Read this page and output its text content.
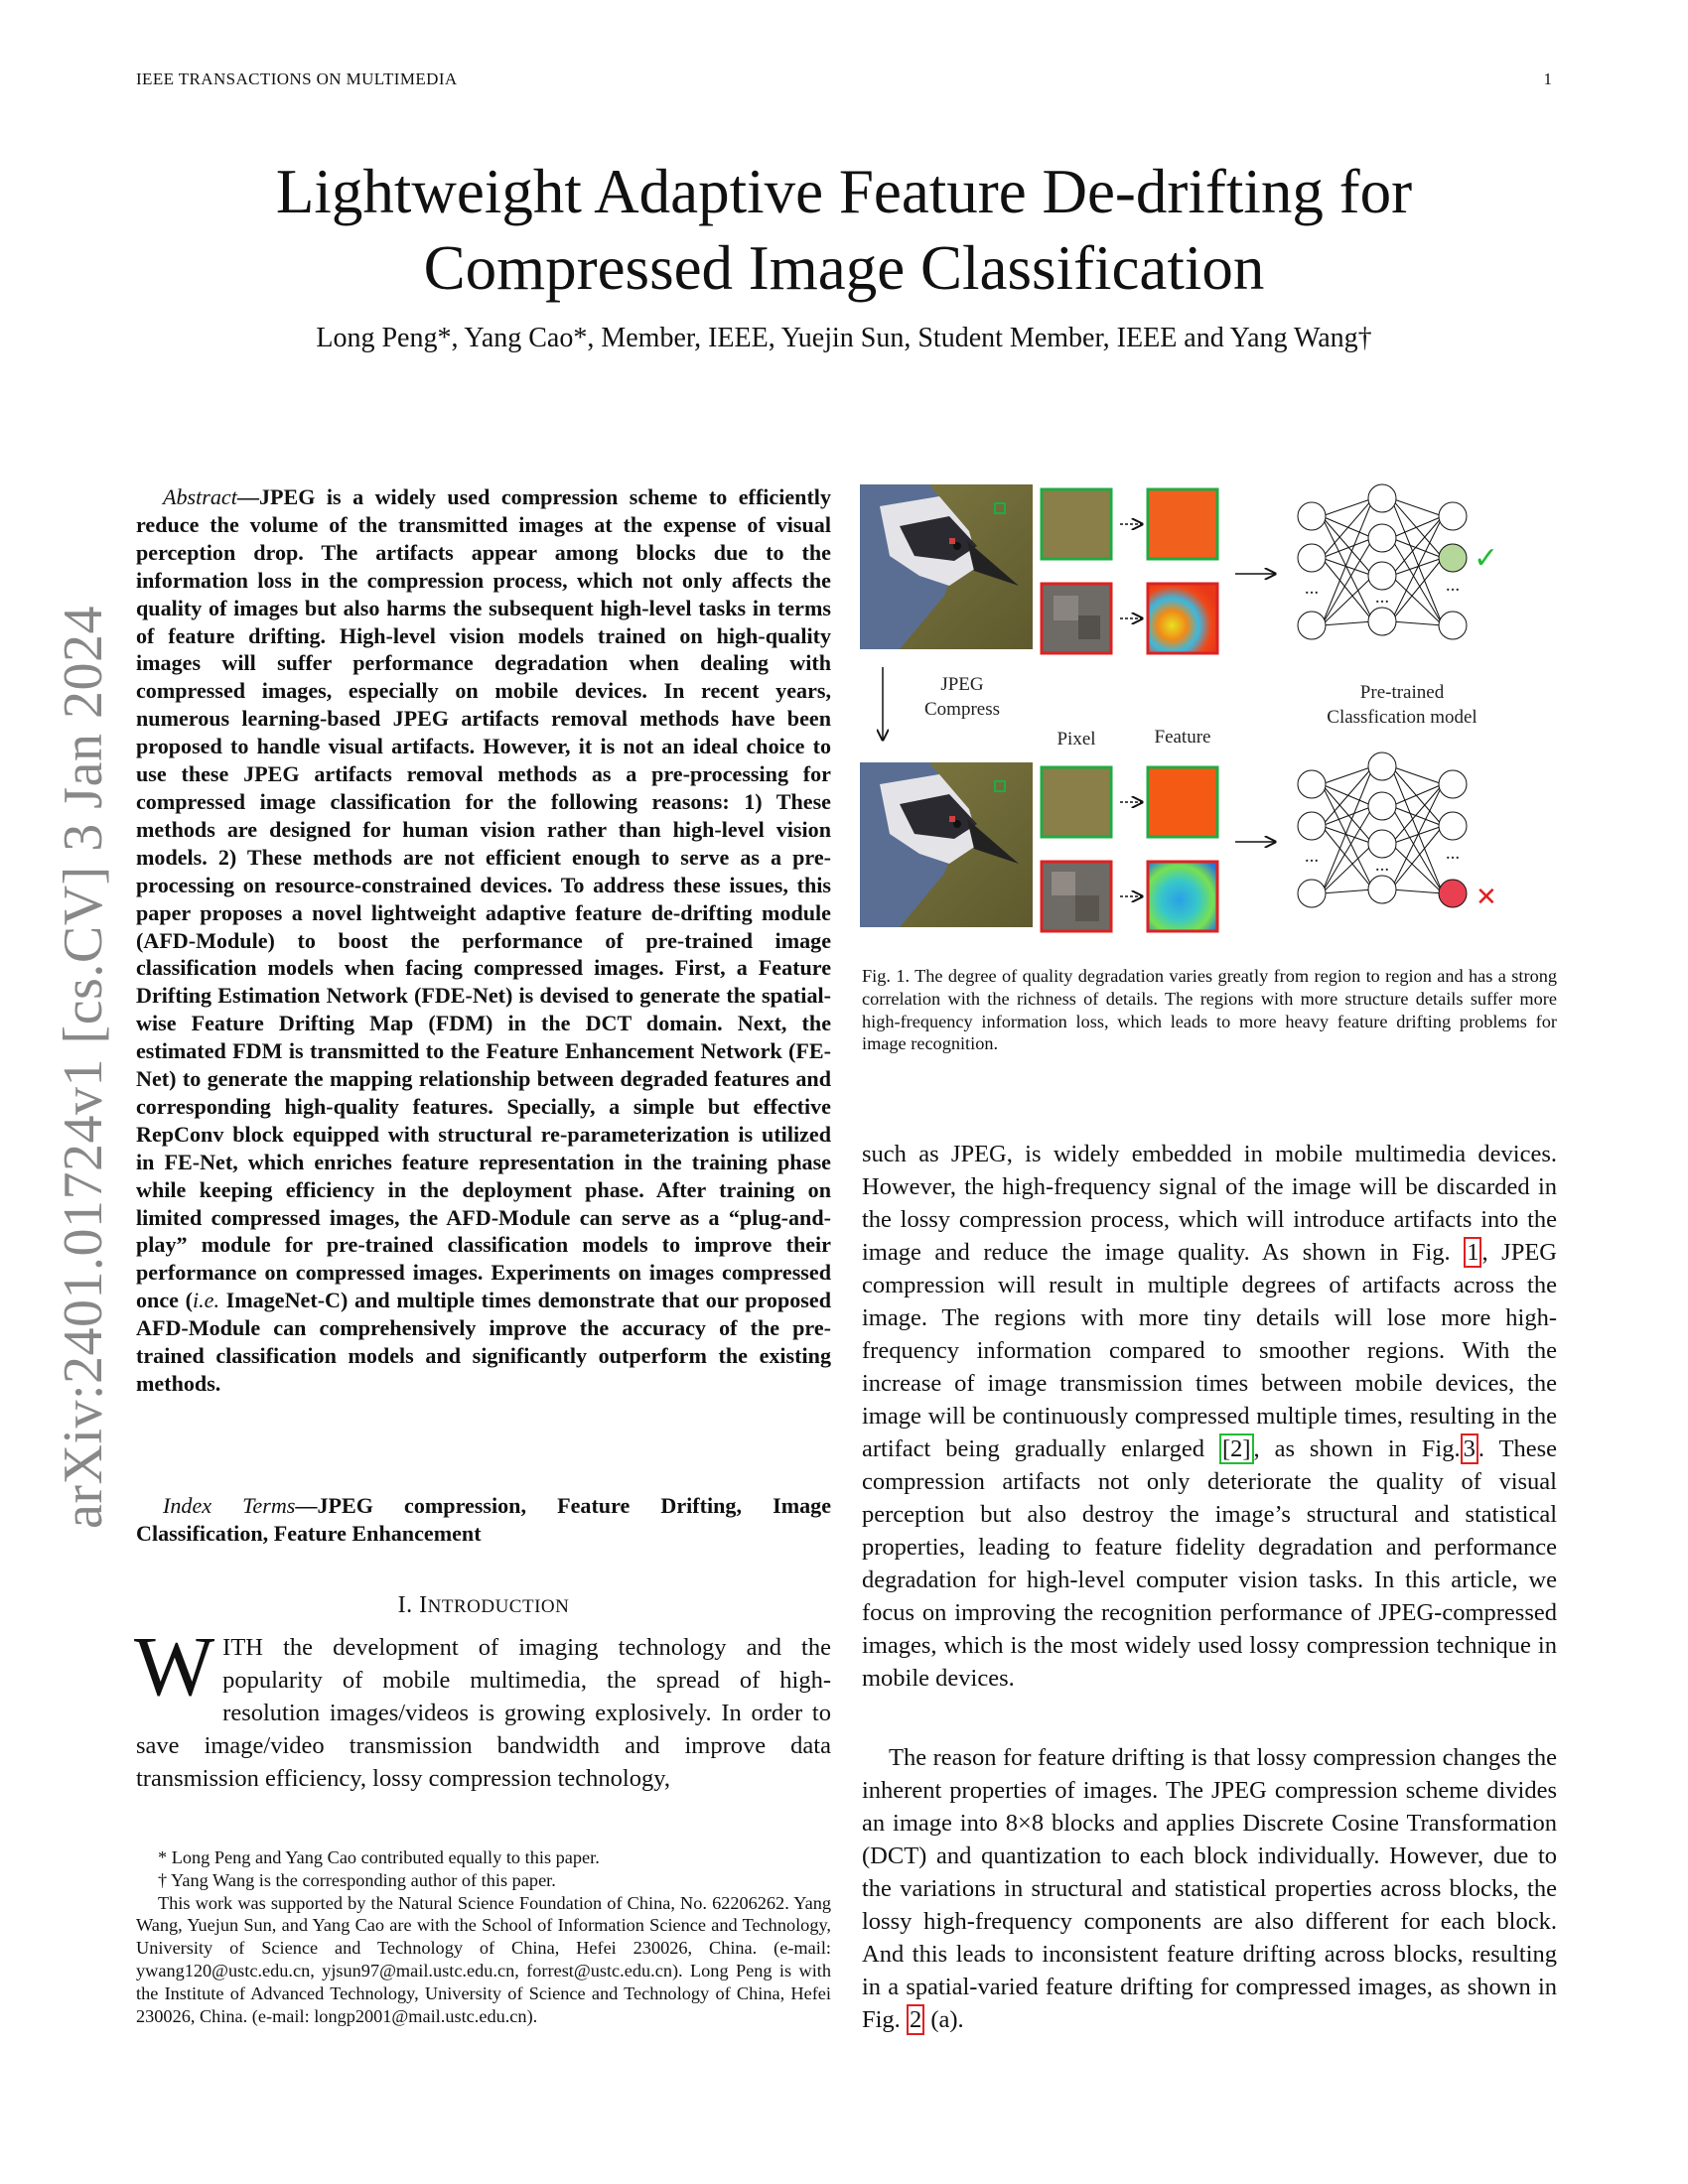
IEEE TRANSACTIONS ON MULTIMEDIA	1
Lightweight Adaptive Feature De-drifting for
Compressed Image Classification
Long Peng*, Yang Cao*, Member, IEEE, Yuejin Sun, Student Member, IEEE and Yang Wang†
arXiv:2401.01724v1 [cs.CV] 3 Jan 2024

Abstract—JPEG is a widely used compression scheme to efficiently reduce the volume of the transmitted images at the expense of visual perception drop. The artifacts appear among blocks due to the information loss in the compression process, which not only affects the quality of images but also harms the subsequent high-level tasks in terms of feature drifting. High-level vision models trained on high-quality images will suffer performance degradation when dealing with compressed images, especially on mobile devices. In recent years, numerous learning-based JPEG artifacts removal methods have been proposed to handle visual artifacts. However, it is not an ideal choice to use these JPEG artifacts removal methods as a pre-processing for compressed image classification for the following reasons: 1) These methods are designed for human vision rather than high-level vision models. 2) These methods are not efficient enough to serve as a pre-processing on resource-constrained devices. To address these issues, this paper proposes a novel lightweight adaptive feature de-drifting module (AFD-Module) to boost the performance of pre-trained image classification models when facing compressed images. First, a Feature Drifting Estimation Network (FDE-Net) is devised to generate the spatial-wise Feature Drifting Map (FDM) in the DCT domain. Next, the estimated FDM is transmitted to the Feature Enhancement Network (FE-Net) to generate the mapping relationship between degraded features and corresponding high-quality features. Specially, a simple but effective RepConv block equipped with structural re-parameterization is utilized in FE-Net, which enriches feature representation in the training phase while keeping efficiency in the deployment phase. After training on limited compressed images, the AFD-Module can serve as a “plug-and-play” module for pre-trained classification models to improve their performance on compressed images. Experiments on images compressed once (i.e. ImageNet-C) and multiple times demonstrate that our proposed AFD-Module can comprehensively improve the accuracy of the pre-trained classification models and significantly outperform the existing methods.

Index Terms—JPEG compression, Feature Drifting, Image Classification, Feature Enhancement

I. INTRODUCTION

WITH the development of imaging technology and the popularity of mobile multimedia, the spread of high-resolution images/videos is growing explosively. In order to save image/video transmission bandwidth and improve data transmission efficiency, lossy compression technology,

* Long Peng and Yang Cao contributed equally to this paper.

† Yang Wang is the corresponding author of this paper.

This work was supported by the Natural Science Foundation of China, No. 62206262. Yang Wang, Yuejun Sun, and Yang Cao are with the School of Information Science and Technology, University of Science and Technology of China, Hefei 230026, China. (e-mail: ywang120@ustc.edu.cn, yjsun97@mail.ustc.edu.cn, forrest@ustc.edu.cn). Long Peng is with the Institute of Advanced Technology, University of Science and Technology of China, Hefei 230026, China. (e-mail: longp2001@mail.ustc.edu.cn).

JPEG
Compress
Pixel	Feature
Pre-trained
Classfication model
...	...
...
✓
...	...
...
✕

Fig. 1. The degree of quality degradation varies greatly from region to region and has a strong correlation with the richness of details. The regions with more structure details suffer more high-frequency information loss, which leads to more heavy feature drifting problems for image recognition.

such as JPEG, is widely embedded in mobile multimedia devices. However, the high-frequency signal of the image will be discarded in the lossy compression process, which will introduce artifacts into the image and reduce the image quality. As shown in Fig. 1 , JPEG compression will result in multiple degrees of artifacts across the image. The regions with more tiny details will lose more high-frequency information compared to smoother regions. With the increase of image transmission times between mobile devices, the image will be continuously compressed multiple times, resulting in the artifact being gradually enlarged [2] , as shown in Fig. 3 . These compression artifacts not only deteriorate the quality of visual perception but also destroy the image’s structural and statistical properties, leading to feature fidelity degradation and performance degradation for high-level computer vision tasks. In this article, we focus on improving the recognition performance of JPEG-compressed images, which is the most widely used lossy compression technique in mobile devices.

The reason for feature drifting is that lossy compression changes the inherent properties of images. The JPEG compression scheme divides an image into 8×8 blocks and applies Discrete Cosine Transformation (DCT) and quantization to each block individually. However, due to the variations in structural and statistical properties across blocks, the lossy high-frequency components are also different for each block. And this leads to inconsistent feature drifting across blocks, resulting in a spatial-varied feature drifting for compressed images, as shown in Fig. 2 (a).
